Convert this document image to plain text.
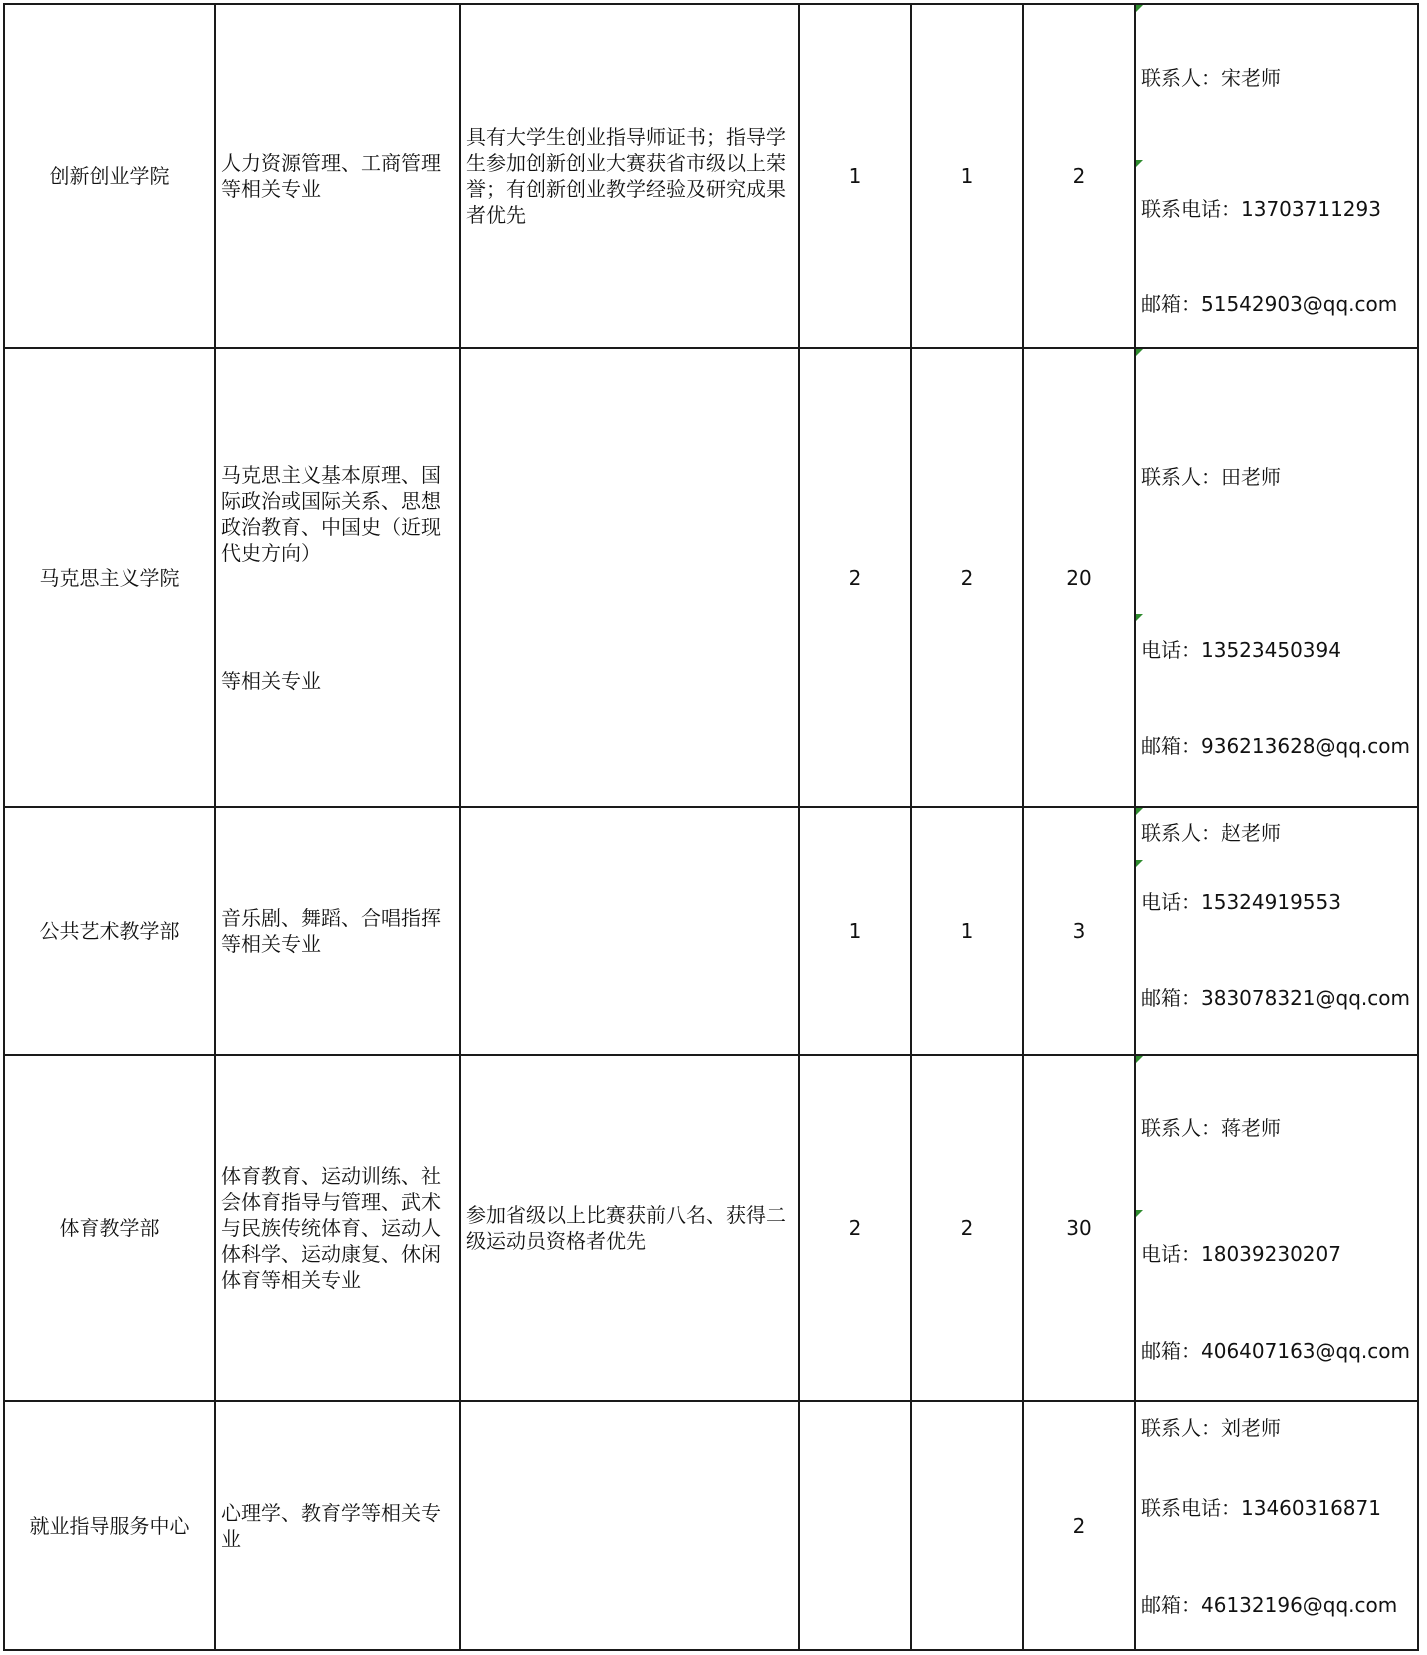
创新创业学院	人力资源管理、工商管理等相关专业	具有大学生创业指导师证书；指导学生参加创新创业大赛获省市级以上荣誉；有创新创业教学经验及研究成果者优先	1	1	2	联系人：宋老师
联系电话：13703711293
邮箱：51542903@qq.com

马克思主义学院	马克思主义基本原理、国际政治或国际关系、思想政治教育、中国史（近现代史方向）
等相关专业		2	2	20	联系人：田老师
电话：13523450394
邮箱：936213628@qq.com

公共艺术教学部	音乐剧、舞蹈、合唱指挥等相关专业		1	1	3	联系人：赵老师
电话：15324919553
邮箱：383078321@qq.com

体育教学部	体育教育、运动训练、社会体育指导与管理、武术与民族传统体育、运动人体科学、运动康复、休闲体育等相关专业	参加省级以上比赛获前八名、获得二级运动员资格者优先	2	2	30	联系人：蒋老师
电话：18039230207
邮箱：406407163@qq.com

就业指导服务中心	心理学、教育学等相关专业				2	联系人：刘老师
联系电话：13460316871
邮箱：46132196@qq.com
